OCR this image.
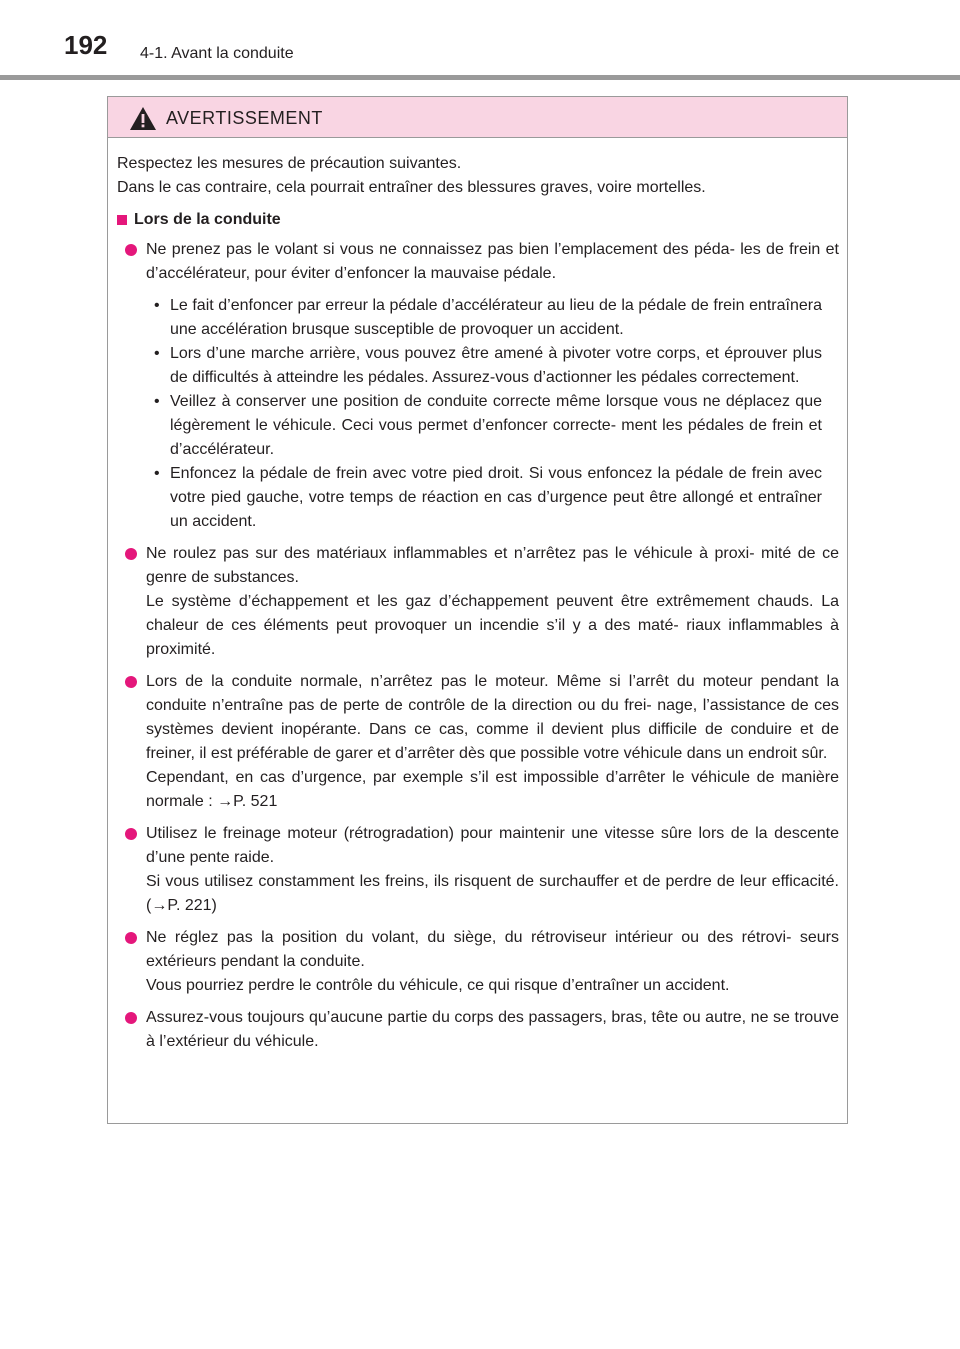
192 4-1. Avant la conduite
AVERTISSEMENT

Respectez les mesures de précaution suivantes.

Dans le cas contraire, cela pourrait entraîner des blessures graves, voire mortelles.

Lors de la conduite

Ne prenez pas le volant si vous ne connaissez pas bien l’emplacement des péda- les de frein et d’accélérateur, pour éviter d’enfoncer la mauvaise pédale.

• Le fait d’enfoncer par erreur la pédale d’accélérateur au lieu de la pédale de frein entraînera une accélération brusque susceptible de provoquer un accident.
• Lors d’une marche arrière, vous pouvez être amené à pivoter votre corps, et éprouver plus de difficultés à atteindre les pédales. Assurez-vous d’actionner les pédales correctement.
• Veillez à conserver une position de conduite correcte même lorsque vous ne déplacez que légèrement le véhicule. Ceci vous permet d’enfoncer correcte- ment les pédales de frein et d’accélérateur.
• Enfoncez la pédale de frein avec votre pied droit. Si vous enfoncez la pédale de frein avec votre pied gauche, votre temps de réaction en cas d’urgence peut être allongé et entraîner un accident.

Ne roulez pas sur des matériaux inflammables et n’arrêtez pas le véhicule à proxi- mité de ce genre de substances.

Le système d’échappement et les gaz d’échappement peuvent être extrêmement chauds. La chaleur de ces éléments peut provoquer un incendie s’il y a des maté- riaux inflammables à proximité.

Lors de la conduite normale, n’arrêtez pas le moteur. Même si l’arrêt du moteur pendant la conduite n’entraîne pas de perte de contrôle de la direction ou du frei- nage, l’assistance de ces systèmes devient inopérante. Dans ce cas, comme il devient plus difficile de conduire et de freiner, il est préférable de garer et d’arrêter dès que possible votre véhicule dans un endroit sûr.

Cependant, en cas d’urgence, par exemple s’il est impossible d’arrêter le véhicule de manière normale : →P. 521

Utilisez le freinage moteur (rétrogradation) pour maintenir une vitesse sûre lors de la descente d’une pente raide.

Si vous utilisez constamment les freins, ils risquent de surchauffer et de perdre de leur efficacité. (→P. 221)

Ne réglez pas la position du volant, du siège, du rétroviseur intérieur ou des rétrovi- seurs extérieurs pendant la conduite.

Vous pourriez perdre le contrôle du véhicule, ce qui risque d’entraîner un accident.

Assurez-vous toujours qu’aucune partie du corps des passagers, bras, tête ou autre, ne se trouve à l’extérieur du véhicule.
